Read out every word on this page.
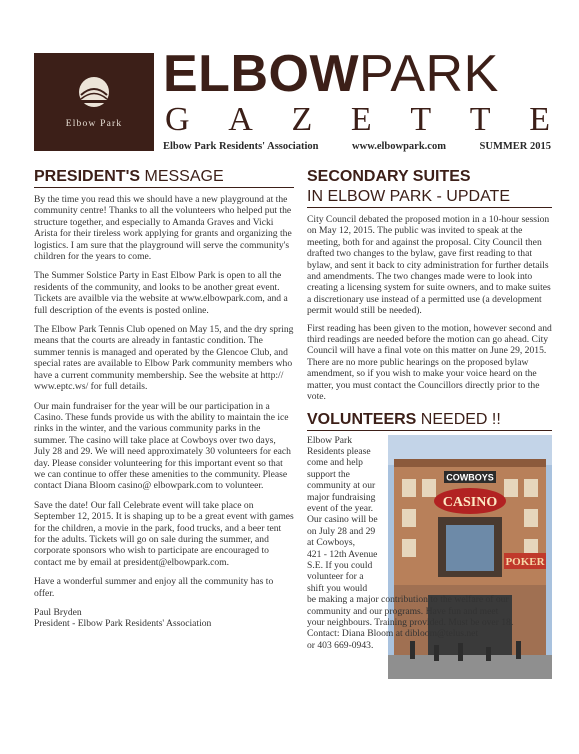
Elbow Park
ELBOWPARK
G A Z E T T E
Elbow Park Residents' Association	www.elbowpark.com	SUMMER 2015
PRESIDENT'S MESSAGE

By the time you read this we should have a new playground at the community centre! Thanks to all the volunteers who helped put the structure together, and especially to Amanda Graves and Vicki Arista for their tireless work applying for grants and organizing the logistics. I am sure that the playground will serve the community's children for the years to come.

The Summer Solstice Party in East Elbow Park is open to all the residents of the community, and looks to be another great event. Tickets are availble via the website at www.elbowpark.com, and a full description of the events is posted online.

The Elbow Park Tennis Club opened on May 15, and the dry spring means that the courts are already in fantastic condition. The summer tennis is managed and operated by the Glencoe Club, and special rates are available to Elbow Park community members who have a current community membership. See the website at http:// www.eptc.ws/ for full details.

Our main fundraiser for the year will be our participation in a Casino. These funds provide us with the ability to maintain the ice rinks in the winter, and the various community parks in the summer. The casino will take place at Cowboys over two days, July 28 and 29. We will need approximately 30 volunteers for each day. Please consider volunteering for this important event so that we can continue to offer these amenities to the community. Please contact Diana Bloom casino@ elbowpark.com to volunteer.

Save the date! Our fall Celebrate event will take place on September 12, 2015. It is shaping up to be a great event with games for the children, a movie in the park, food trucks, and a beer tent for the adults. Tickets will go on sale during the summer, and corporate sponsors who wish to participate are encouraged to contact me by email at president@elbowpark.com.

Have a wonderful summer and enjoy all the community has to offer.

Paul Bryden
President - Elbow Park Residents' Association
SECONDARY SUITES
IN ELBOW PARK - UPDATE

City Council debated the proposed motion in a 10-hour session on May 12, 2015. The public was invited to speak at the meeting, both for and against the proposal. City Council then drafted two changes to the bylaw, gave first reading to that bylaw, and sent it back to city administration for further details and amendments. The two changes made were to look into creating a licensing system for suite owners, and to make suites a discretionary use instead of a permitted use (a development permit would still be needed).

First reading has been given to the motion, however second and third readings are needed before the motion can go ahead. City Council will have a final vote on this matter on June 29, 2015. There are no more public hearings on the proposed bylaw amendment, so if you wish to make your voice heard on the matter, you must contact the Councillors directly prior to the vote.

VOLUNTEERS NEEDED !!
COWBOYS
CASINO
POKER
Elbow Park
Residents please
come and help
support the
community at our
major fundraising
event of the year.
Our casino will be
on July 28 and 29
at Cowboys,
421 - 12th Avenue
S.E. If you could
volunteer for a
shift you would
be making a major contribution to the welfare of our
community and our programs. Have fun and meet
your neighbours. Training provided. Must be over 18.
Contact: Diana Bloom at dibloom@telus.net
or 403 669-0943.
